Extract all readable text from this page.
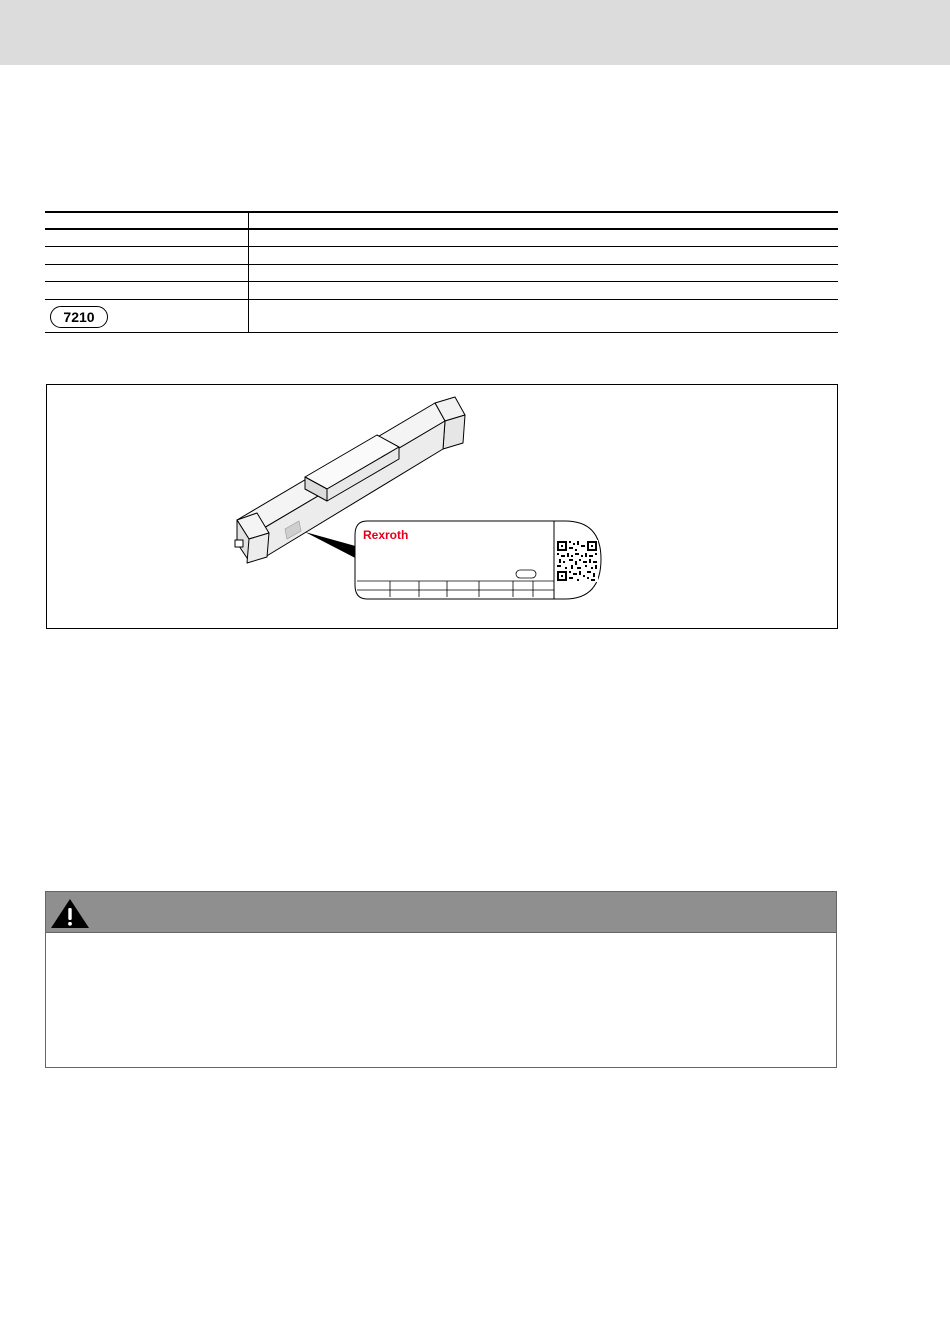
7210
Rexroth
